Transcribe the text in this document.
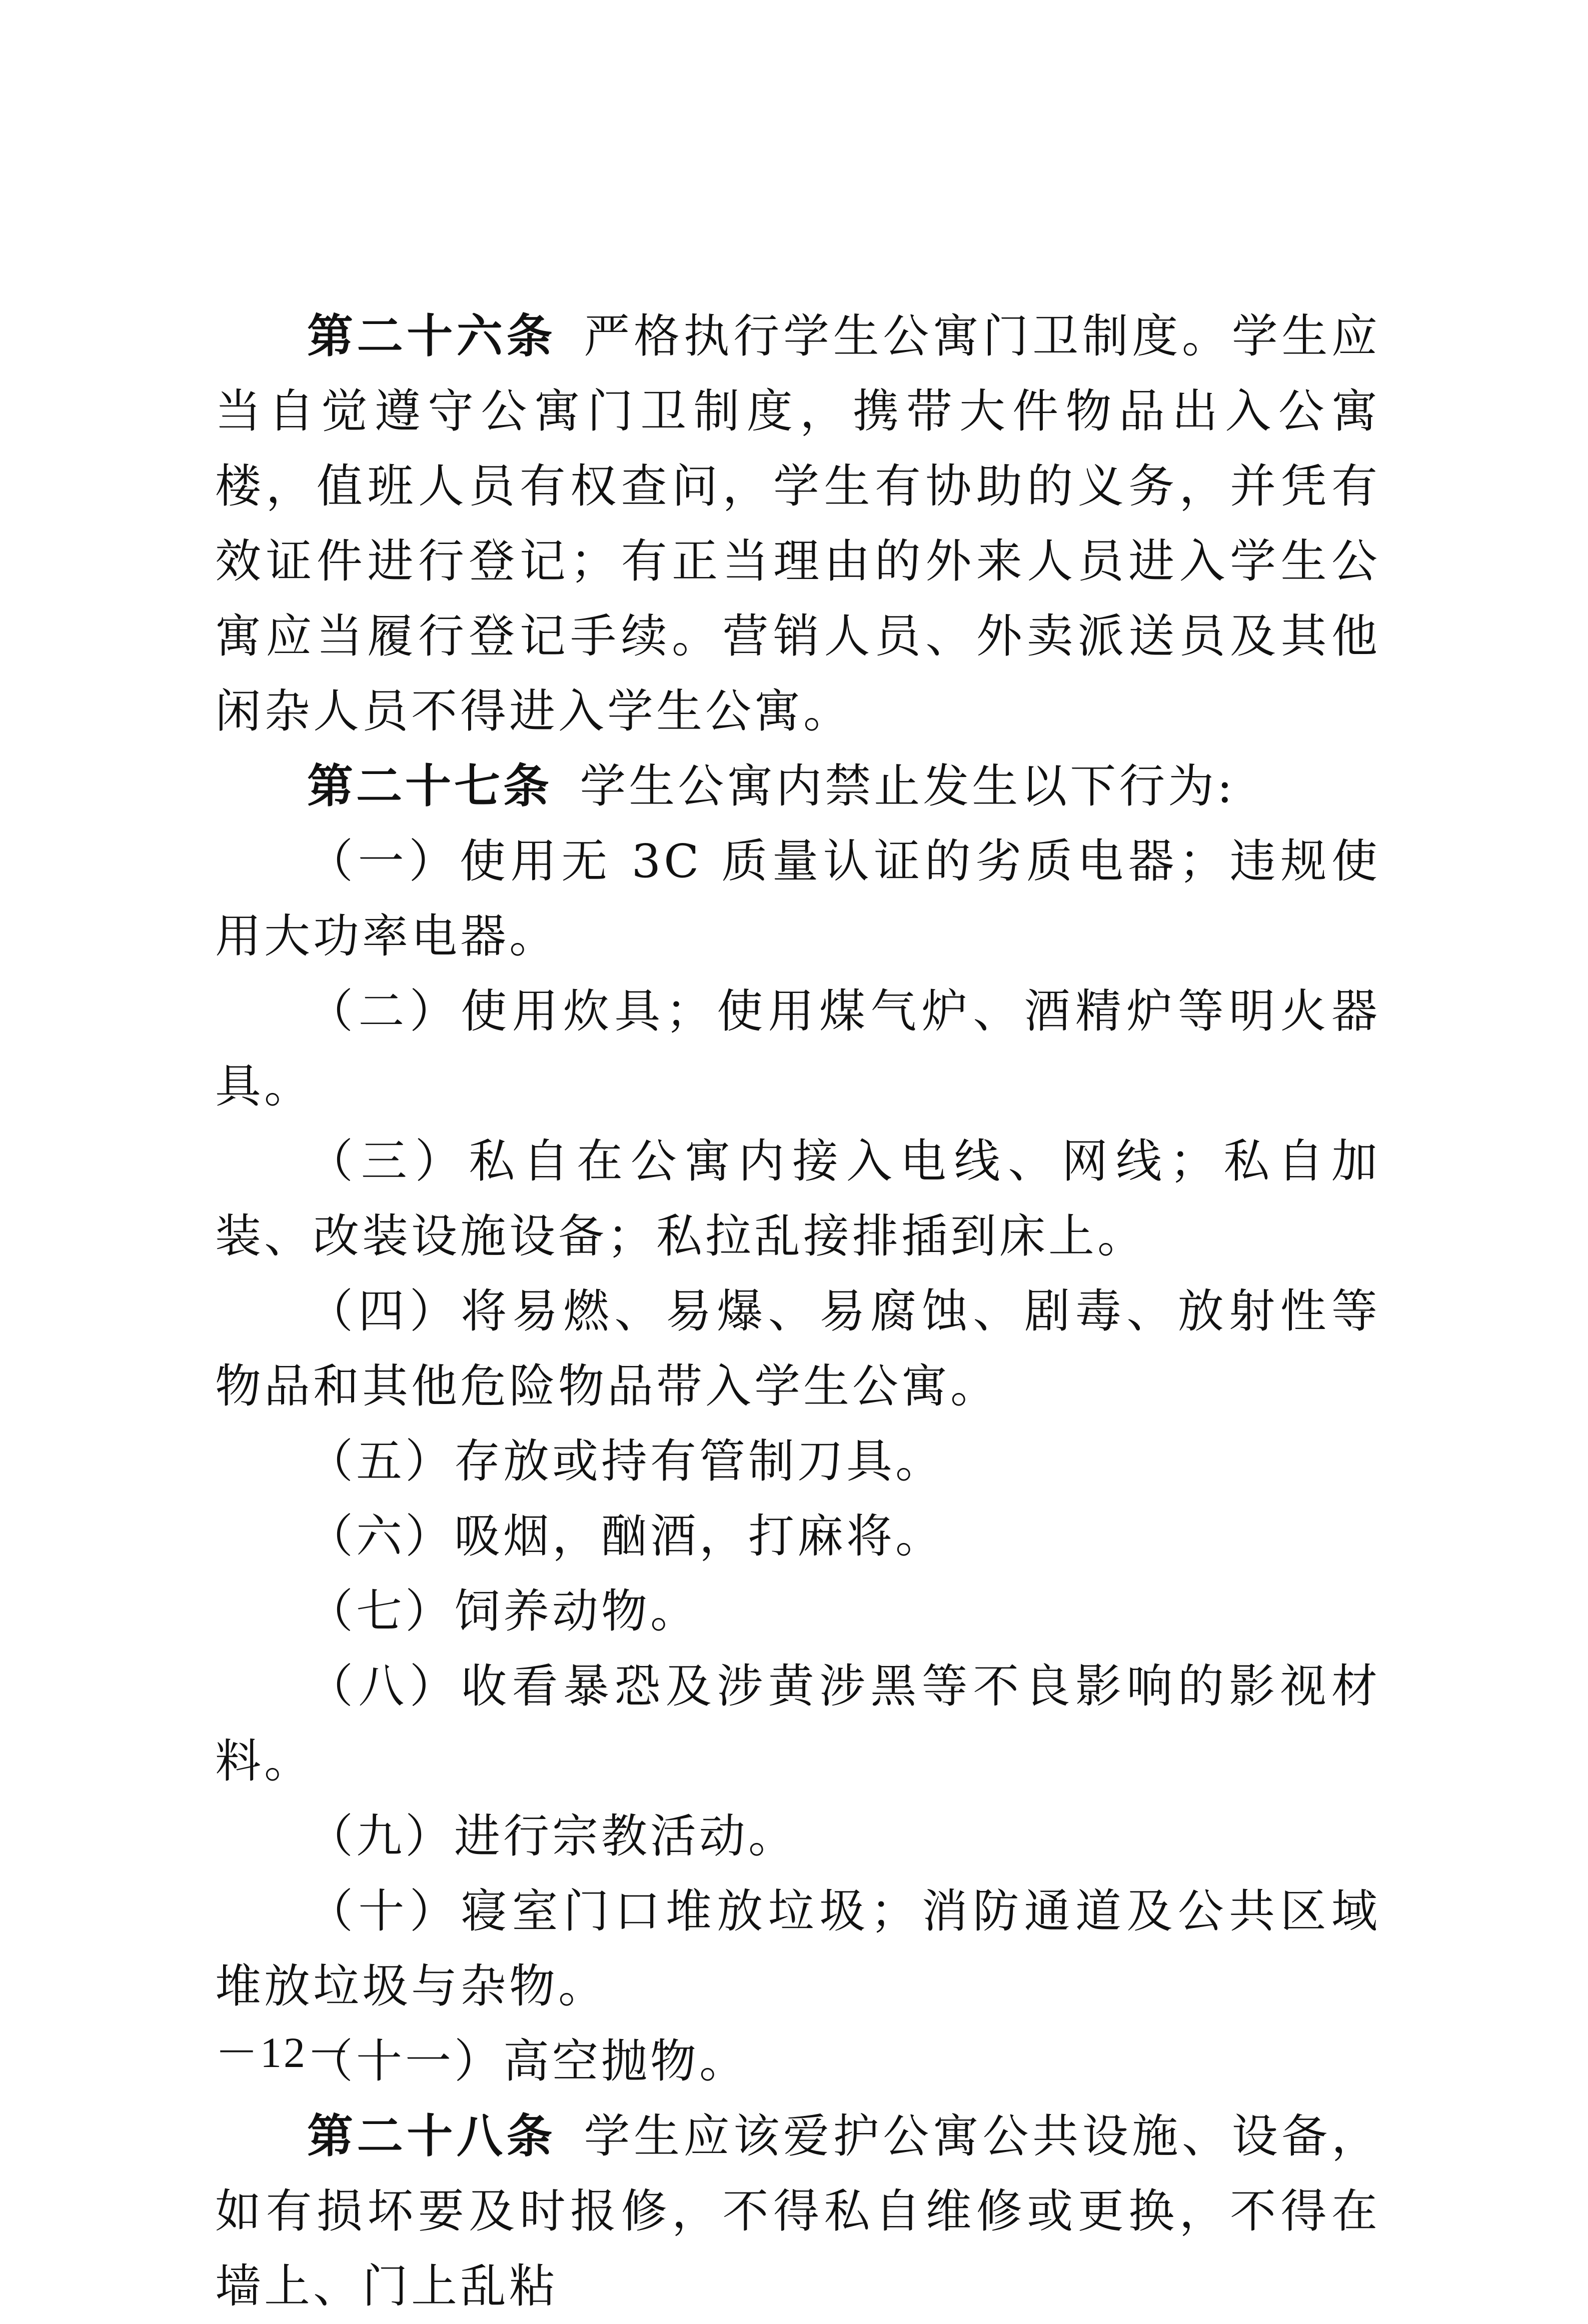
第二十六条 严格执行学生公寓门卫制度。学生应当自觉遵守公寓门卫制度，携带大件物品出入公寓楼，值班人员有权查问，学生有协助的义务，并凭有效证件进行登记；有正当理由的外来人员进入学生公寓应当履行登记手续。营销人员、外卖派送员及其他闲杂人员不得进入学生公寓。

第二十七条 学生公寓内禁止发生以下行为:

（一）使用无 3C 质量认证的劣质电器；违规使用大功率电器。

（二）使用炊具；使用煤气炉、酒精炉等明火器具。

（三）私自在公寓内接入电线、网线；私自加装、改装设施设备；私拉乱接排插到床上。

（四）将易燃、易爆、易腐蚀、剧毒、放射性等物品和其他危险物品带入学生公寓。

（五）存放或持有管制刀具。

（六）吸烟，酗酒，打麻将。

（七）饲养动物。

（八）收看暴恐及涉黄涉黑等不良影响的影视材料。

（九）进行宗教活动。

（十）寝室门口堆放垃圾；消防通道及公共区域堆放垃圾与杂物。

（十一）高空抛物。

第二十八条 学生应该爱护公寓公共设施、设备，如有损坏要及时报修，不得私自维修或更换，不得在墙上、门上乱粘

－12－
